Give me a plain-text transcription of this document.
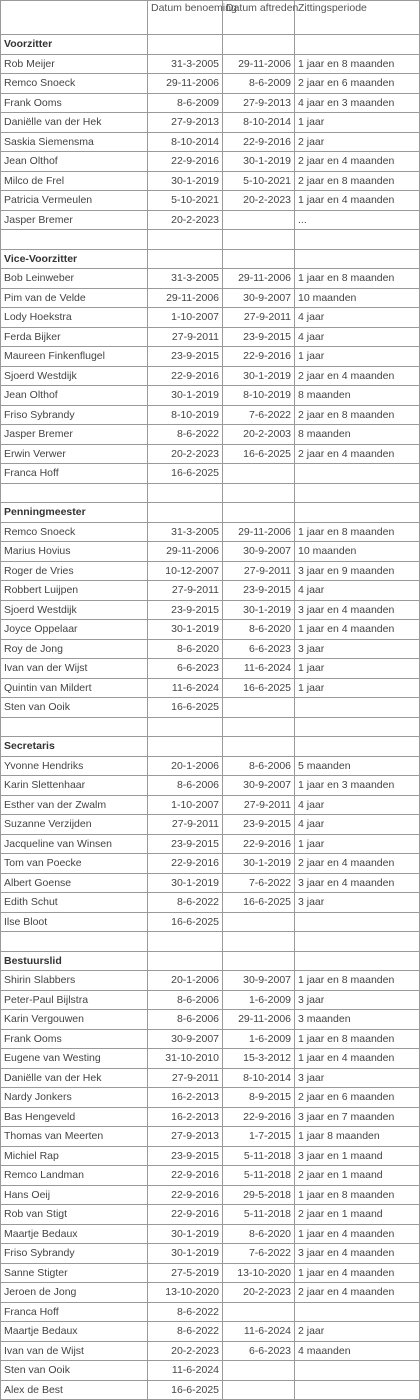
	Datum benoeming	Datum aftreden	Zittingsperiode
Voorzitter			
Rob Meijer	31-3-2005	29-11-2006	1 jaar en 8 maanden
Remco Snoeck	29-11-2006	8-6-2009	2 jaar en 6 maanden
Frank Ooms	8-6-2009	27-9-2013	4 jaar en 3 maanden
Daniëlle van der Hek	27-9-2013	8-10-2014	1 jaar
Saskia Siemensma	8-10-2014	22-9-2016	2 jaar
Jean Olthof	22-9-2016	30-1-2019	2 jaar en 4 maanden
Milco de Frel	30-1-2019	5-10-2021	2 jaar en 8 maanden
Patricia Vermeulen	5-10-2021	20-2-2023	1 jaar en 4 maanden
Jasper Bremer	20-2-2023		...

Vice-Voorzitter			
Bob Leinweber	31-3-2005	29-11-2006	1 jaar en 8 maanden
Pim van de Velde	29-11-2006	30-9-2007	10 maanden
Lody Hoekstra	1-10-2007	27-9-2011	4 jaar
Ferda Bijker	27-9-2011	23-9-2015	4 jaar
Maureen Finkenflugel	23-9-2015	22-9-2016	1 jaar
Sjoerd Westdijk	22-9-2016	30-1-2019	2 jaar en 4 maanden
Jean Olthof	30-1-2019	8-10-2019	8 maanden
Friso Sybrandy	8-10-2019	7-6-2022	2 jaar en 8 maanden
Jasper Bremer	8-6-2022	20-2-2003	8 maanden
Erwin Verwer	20-2-2023	16-6-2025	2 jaar en 4 maanden
Franca Hoff	16-6-2025		

Penningmeester			
Remco Snoeck	31-3-2005	29-11-2006	1 jaar en 8 maanden
Marius Hovius	29-11-2006	30-9-2007	10 maanden
Roger de Vries	10-12-2007	27-9-2011	3 jaar en 9 maanden
Robbert Luijpen	27-9-2011	23-9-2015	4 jaar
Sjoerd Westdijk	23-9-2015	30-1-2019	3 jaar en 4 maanden
Joyce Oppelaar	30-1-2019	8-6-2020	1 jaar en 4 maanden
Roy de Jong	8-6-2020	6-6-2023	3 jaar
Ivan van der Wijst	6-6-2023	11-6-2024	1 jaar
Quintin van Mildert	11-6-2024	16-6-2025	1 jaar
Sten van Ooik	16-6-2025		

Secretaris			
Yvonne Hendriks	20-1-2006	8-6-2006	5 maanden
Karin Slettenhaar	8-6-2006	30-9-2007	1 jaar en 3 maanden
Esther van der Zwalm	1-10-2007	27-9-2011	4 jaar
Suzanne Verzijden	27-9-2011	23-9-2015	4 jaar
Jacqueline van Winsen	23-9-2015	22-9-2016	1 jaar
Tom van Poecke	22-9-2016	30-1-2019	2 jaar en 4 maanden
Albert Goense	30-1-2019	7-6-2022	3 jaar en 4 maanden
Edith Schut	8-6-2022	16-6-2025	3 jaar
Ilse Bloot	16-6-2025		

Bestuurslid			
Shirin Slabbers	20-1-2006	30-9-2007	1 jaar en 8 maanden
Peter-Paul Bijlstra	8-6-2006	1-6-2009	3 jaar
Karin Vergouwen	8-6-2006	29-11-2006	3 maanden
Frank Ooms	30-9-2007	1-6-2009	1 jaar en 8 maanden
Eugene van Westing	31-10-2010	15-3-2012	1 jaar en 4 maanden
Daniëlle van der Hek	27-9-2011	8-10-2014	3 jaar
Nardy Jonkers	16-2-2013	8-9-2015	2 jaar en 6 maanden
Bas Hengeveld	16-2-2013	22-9-2016	3 jaar en 7 maanden
Thomas van Meerten	27-9-2013	1-7-2015	1 jaar 8 maanden
Michiel Rap	23-9-2015	5-11-2018	3 jaar en 1 maand
Remco Landman	22-9-2016	5-11-2018	2 jaar en 1 maand
Hans Oeij	22-9-2016	29-5-2018	1 jaar en 8 maanden
Rob van Stigt	22-9-2016	5-11-2018	2 jaar en 1 maand
Maartje Bedaux	30-1-2019	8-6-2020	1 jaar en 4 maanden
Friso Sybrandy	30-1-2019	7-6-2022	3 jaar en 4 maanden
Sanne Stigter	27-5-2019	13-10-2020	1 jaar en 4 maanden
Jeroen de Jong	13-10-2020	20-2-2023	2 jaar en 4 maanden
Franca Hoff	8-6-2022		
Maartje Bedaux	8-6-2022	11-6-2024	2 jaar
Ivan van de Wijst	20-2-2023	6-6-2023	4 maanden
Sten van Ooik	11-6-2024		
Alex de Best	16-6-2025		
